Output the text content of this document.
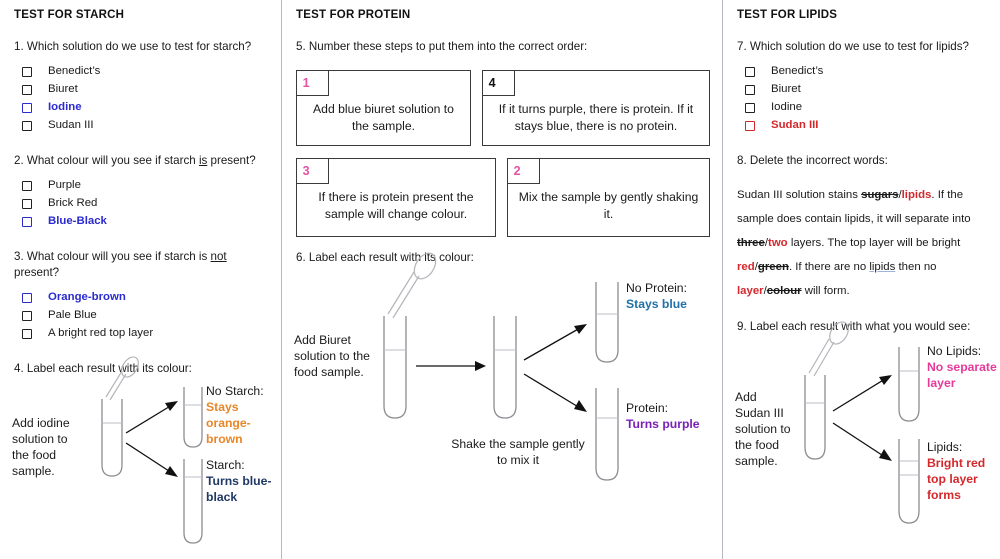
TEST FOR STARCH

1. Which solution do we use to test for starch?

Benedict’s
Biuret
Iodine
Sudan III

2. What colour will you see if starch is present?

Purple
Brick Red
Blue-Black

3. What colour will you see if starch is not present?

Orange-brown
Pale Blue
A bright red top layer

4. Label each result with its colour:

Add iodine solution to the food sample.
No Starch:
Stays orange-brown
Starch:
Turns blue-black
TEST FOR PROTEIN

5. Number these steps to put them into the correct order:

1
Add blue biuret solution to the sample.
4
If it turns purple, there is protein. If it stays blue, there is no protein.
3
If there is protein present the sample will change colour.
2
Mix the sample by gently shaking it.

6. Label each result with its colour:

Add Biuret solution to the food sample.
Shake the sample gently to mix it
No Protein:
Stays blue
Protein:
Turns purple
TEST FOR LIPIDS

7. Which solution do we use to test for lipids?

Benedict’s
Biuret
Iodine
Sudan III

8. Delete the incorrect words:

Sudan III solution stains sugars/lipids. If the sample does contain lipids, it will separate into three/two layers. The top layer will be bright red/green. If there are no lipids then no layer/colour will form.

9. Label each result with what you would see:

Add Sudan III solution to the food sample.
No Lipids:
No separate layer
Lipids:
Bright red top layer forms
